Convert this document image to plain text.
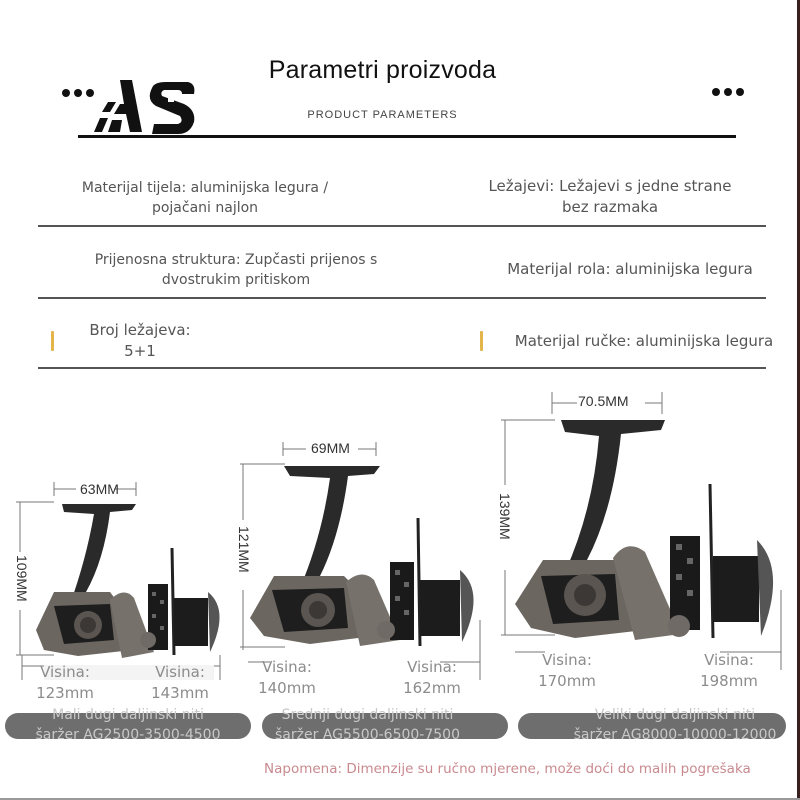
Parametri proizvoda
PRODUCT PARAMETERS
Materijal tijela: aluminijska legura /
pojačani najlon
Ležajevi: Ležajevi s jedne strane
bez razmaka
Prijenosna struktura: Zupčasti prijenos s
dvostrukim pritiskom
Materijal rola: aluminijska legura
Broj ležajeva:
5+1
Materijal ručke: aluminijska legura
63MM
109MM
Visina:
123mm
Visina:
143mm
Mali dugi daljinski niti
šaržer AG2500-3500-4500
69MM
121MM
Visina:
140mm
Visina:
162mm
Srednji dugi daljinski niti
šaržer AG5500-6500-7500
70.5MM
139MM
Visina:
170mm
Visina:
198mm
Veliki dugi daljinski niti
šaržer AG8000-10000-12000
Napomena: Dimenzije su ručno mjerene, može doći do malih pogrešaka
